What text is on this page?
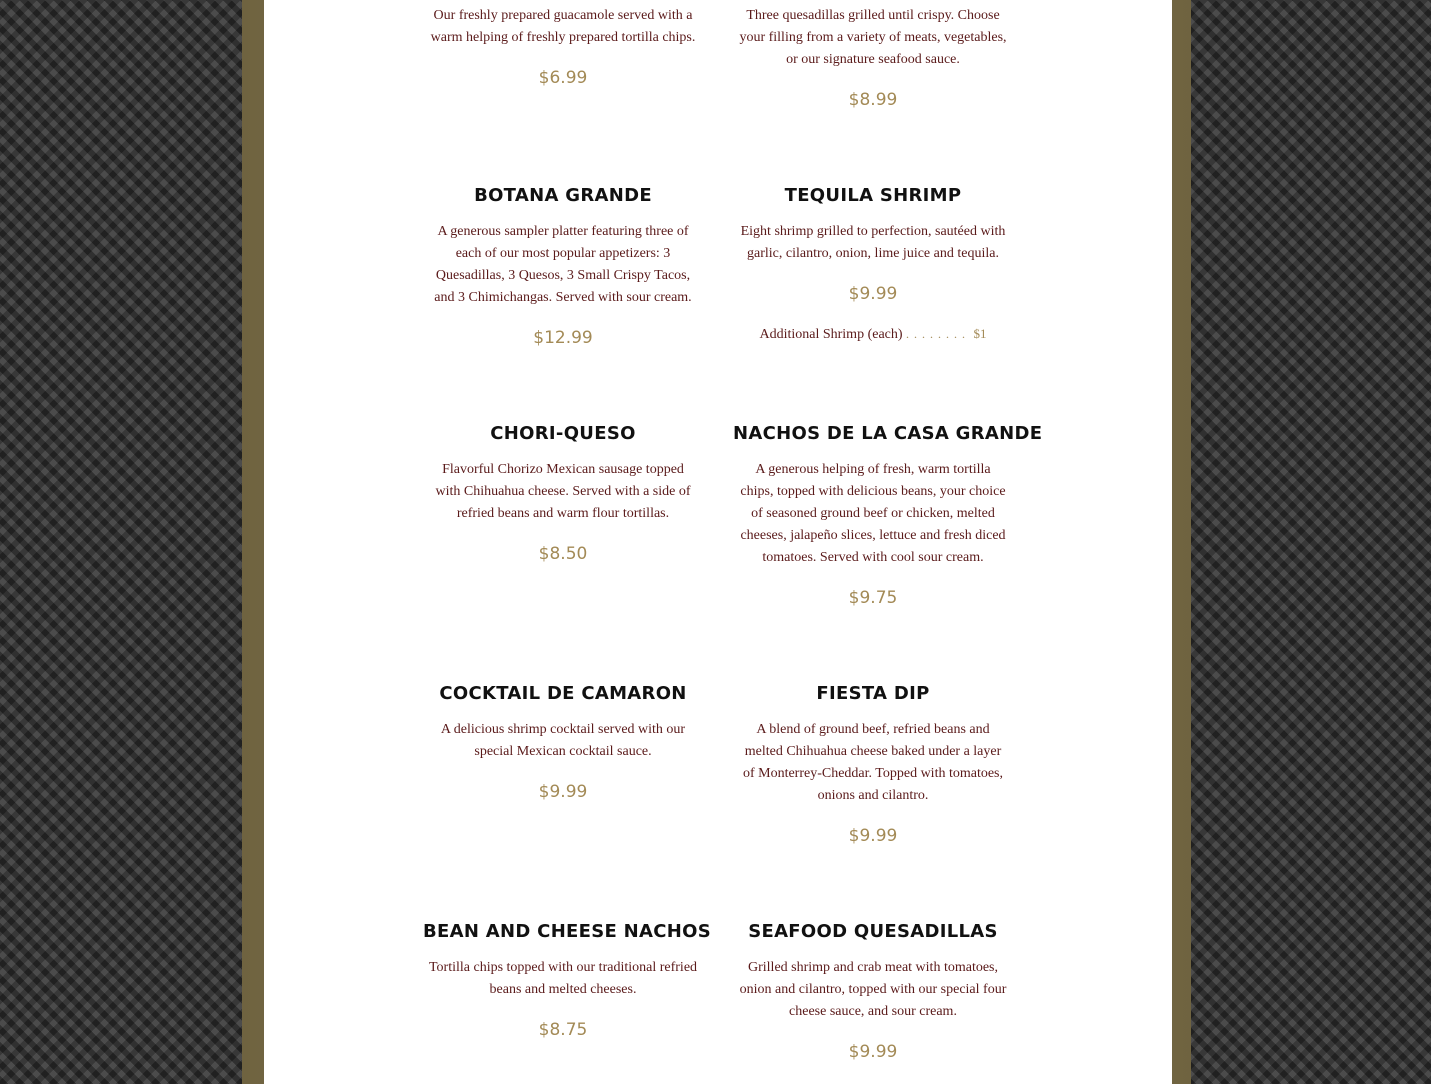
Our freshly prepared guacamole served with a warm helping of freshly prepared tortilla chips.

$6.99

Three quesadillas grilled until crispy. Choose your filling from a variety of meats, vegetables, or our signature seafood sauce.

$8.99
BOTANA GRANDE

A generous sampler platter featuring three of each of our most popular appetizers: 3 Quesadillas, 3 Quesos, 3 Small Crispy Tacos, and 3 Chimichangas. Served with sour cream.

$12.99
TEQUILA SHRIMP

Eight shrimp grilled to perfection, sautéed with garlic, cilantro, onion, lime juice and tequila.

$9.99
Additional Shrimp (each) . . . . . . . . $1
CHORI-QUESO

Flavorful Chorizo Mexican sausage topped with Chihuahua cheese. Served with a side of refried beans and warm flour tortillas.

$8.50
NACHOS DE LA CASA GRANDE

A generous helping of fresh, warm tortilla chips, topped with delicious beans, your choice of seasoned ground beef or chicken, melted cheeses, jalapeño slices, lettuce and fresh diced tomatoes. Served with cool sour cream.

$9.75
COCKTAIL DE CAMARON

A delicious shrimp cocktail served with our special Mexican cocktail sauce.

$9.99
FIESTA DIP

A blend of ground beef, refried beans and melted Chihuahua cheese baked under a layer of Monterrey-Cheddar. Topped with tomatoes, onions and cilantro.

$9.99
BEAN AND CHEESE NACHOS

Tortilla chips topped with our traditional refried beans and melted cheeses.

$8.75
SEAFOOD QUESADILLAS

Grilled shrimp and crab meat with tomatoes, onion and cilantro, topped with our special four cheese sauce, and sour cream.

$9.99
